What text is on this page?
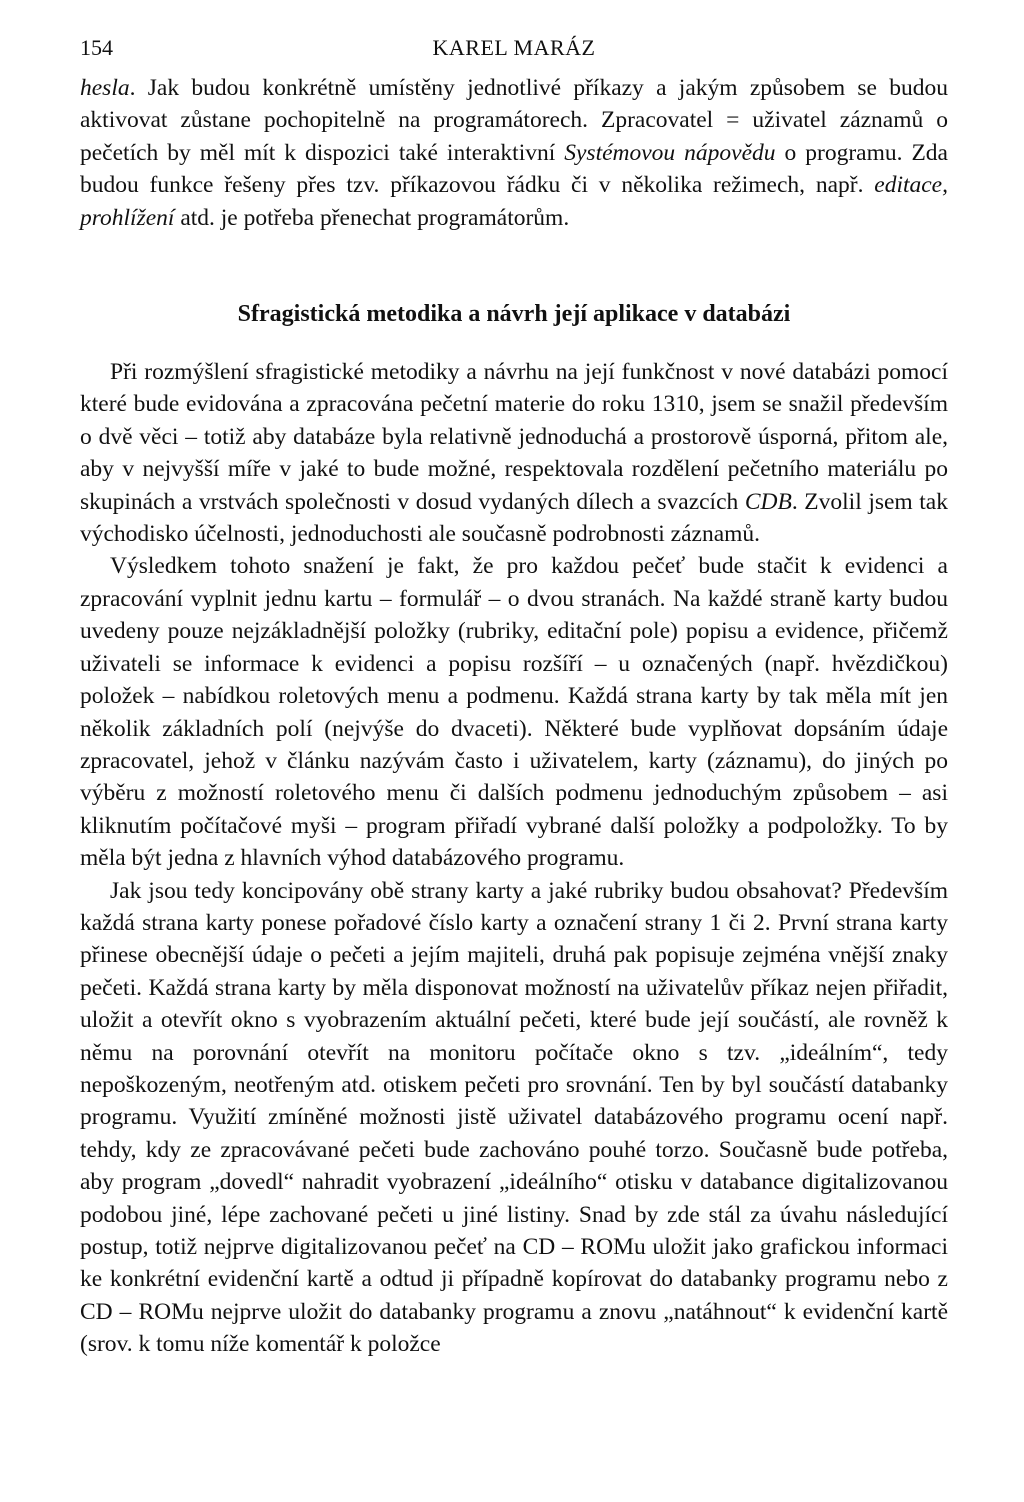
154	KAREL MARÁZ

hesla. Jak budou konkrétně umístěny jednotlivé příkazy a jakým způsobem se budou aktivovat zůstane pochopitelně na programátorech. Zpracovatel = uživatel záznamů o pečetích by měl mít k dispozici také interaktivní Systémovou nápovědu o programu. Zda budou funkce řešeny přes tzv. příkazovou řádku či v několika režimech, např. editace, prohlížení atd. je potřeba přenechat programátorům.

Sfragistická metodika a návrh její aplikace v databázi

Při rozmýšlení sfragistické metodiky a návrhu na její funkčnost v nové databázi pomocí které bude evidována a zpracována pečetní materie do roku 1310, jsem se snažil především o dvě věci – totiž aby databáze byla relativně jednoduchá a prostorově úsporná, přitom ale, aby v nejvyšší míře v jaké to bude možné, respektovala rozdělení pečetního materiálu po skupinách a vrstvách společnosti v dosud vydaných dílech a svazcích CDB. Zvolil jsem tak východisko účelnosti, jednoduchosti ale současně podrobnosti záznamů.

Výsledkem tohoto snažení je fakt, že pro každou pečeť bude stačit k evidenci a zpracování vyplnit jednu kartu – formulář – o dvou stranách. Na každé straně karty budou uvedeny pouze nejzákladnější položky (rubriky, editační pole) popisu a evidence, přičemž uživateli se informace k evidenci a popisu rozšíří – u označených (např. hvězdičkou) položek – nabídkou roletových menu a podmenu. Každá strana karty by tak měla mít jen několik základních polí (nejvýše do dvaceti). Některé bude vyplňovat dopsáním údaje zpracovatel, jehož v článku nazývám často i uživatelem, karty (záznamu), do jiných po výběru z možností roletového menu či dalších podmenu jednoduchým způsobem – asi kliknutím počítačové myši – program přiřadí vybrané další položky a podpoložky. To by měla být jedna z hlavních výhod databázového programu.

Jak jsou tedy koncipovány obě strany karty a jaké rubriky budou obsahovat? Především každá strana karty ponese pořadové číslo karty a označení strany 1 či 2. První strana karty přinese obecnější údaje o pečeti a jejím majiteli, druhá pak popisuje zejména vnější znaky pečeti. Každá strana karty by měla disponovat možností na uživatelův příkaz nejen přiřadit, uložit a otevřít okno s vyobrazením aktuální pečeti, které bude její součástí, ale rovněž k němu na porovnání otevřít na monitoru počítače okno s tzv. „ideálním“, tedy nepoškozeným, neotřeným atd. otiskem pečeti pro srovnání. Ten by byl součástí databanky programu. Využití zmíněné možnosti jistě uživatel databázového programu ocení např. tehdy, kdy ze zpracovávané pečeti bude zachováno pouhé torzo. Současně bude potřeba, aby program „dovedl“ nahradit vyobrazení „ideálního“ otisku v databance digitalizovanou podobou jiné, lépe zachované pečeti u jiné listiny. Snad by zde stál za úvahu následující postup, totiž nejprve digitalizovanou pečeť na CD – ROMu uložit jako grafickou informaci ke konkrétní evidenční kartě a odtud ji případně kopírovat do databanky programu nebo z CD – ROMu nejprve uložit do databanky programu a znovu „natáhnout“ k evidenční kartě (srov. k tomu níže komentář k položce
